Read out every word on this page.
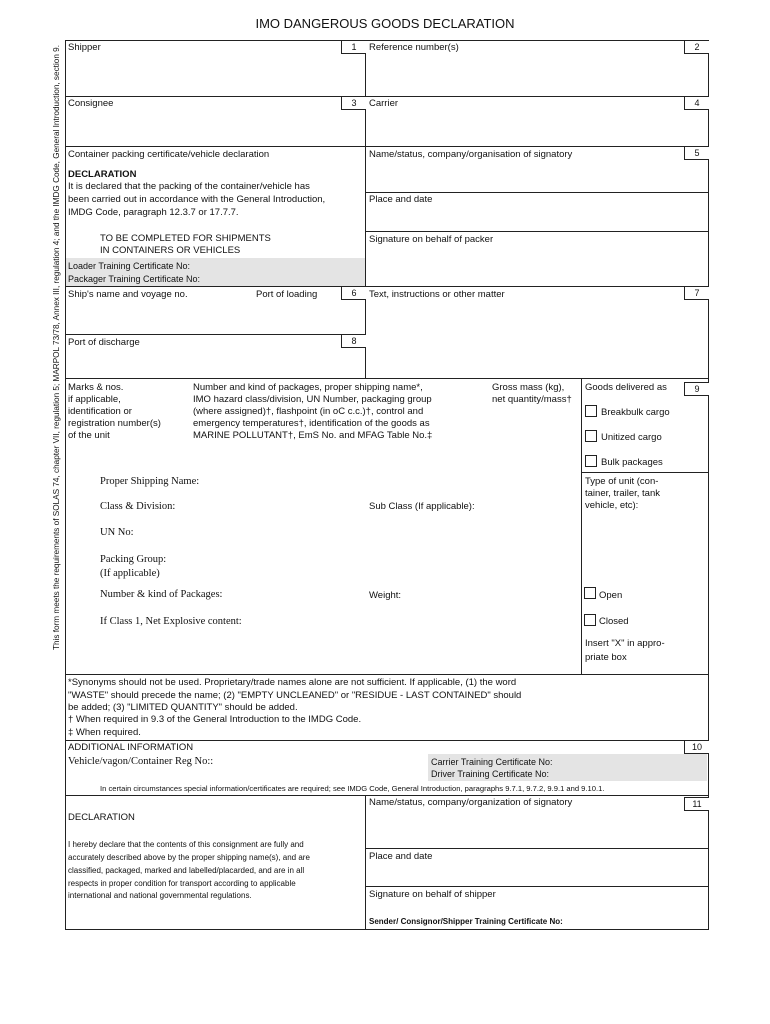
IMO DANGEROUS GOODS DECLARATION
This form meets the requirements of SOLAS 74, chapter VII, regulation 5; MARPOL 73/78, Annex III, regulation 4; and the IMDG Code, General Introduction, section 9. Shipper	1	Reference number(s)	2
Consignee	3	Carrier	4
Container packing certificate/vehicle declaration
DECLARATION
It is declared that the packing of the container/vehicle has
been carried out in accordance with the General Introduction,
IMDG Code, paragraph 12.3.7 or 17.7.7.
TO BE COMPLETED FOR SHIPMENTS
IN CONTAINERS OR VEHICLES
Loader Training Certificate No:
Packager Training Certificate No:
Name/status, company/organisation of signatory	5
Place and date
Signature on behalf of packer
Ship's name and voyage no.	Port of loading	6	Text, instructions or other matter	7
Port of discharge	8
Marks & nos.
if applicable,
identification or
registration number(s)
of the unit
Number and kind of packages, proper shipping name*,
IMO hazard class/division, UN Number, packaging group
(where assigned)†, flashpoint (in oC c.c.)†, control and
emergency temperatures†, identification of the goods as
MARINE POLLUTANT†, EmS No. and MFAG Table No.‡
Gross mass (kg),
net quantity/mass†
Goods delivered as	9
Breakbulk cargo
Unitized cargo
Bulk packages
Type of unit (con-
tainer, trailer, tank
vehicle, etc):
Open
Closed
Insert "X" in appro-
priate box
Proper Shipping Name:
Class & Division:	Sub Class (If applicable):
UN No:
Packing Group:
(If applicable)
Number & kind of Packages:	Weight:
If Class 1, Net Explosive content:
*Synonyms should not be used. Proprietary/trade names alone are not sufficient. If applicable, (1) the word
"WASTE" should precede the name; (2) "EMPTY UNCLEANED" or "RESIDUE - LAST CONTAINED" should
be added; (3) "LIMITED QUANTITY" should be added.
† When required in 9.3 of the General Introduction to the IMDG Code.
‡ When required.
ADDITIONAL INFORMATION	10
Vehicle/vagon/Container Reg No::	Carrier Training Certificate No:
Driver Training Certificate No:
In certain circumstances special information/certificates are required; see IMDG Code, General Introduction, paragraphs 9.7.1, 9.7.2, 9.9.1 and 9.10.1.
DECLARATION
I hereby declare that the contents of this consignment are fully and
accurately described above by the proper shipping name(s), and are
classified, packaged, marked and labelled/placarded, and are in all
respects in proper condition for transport according to applicable
international and national governmental regulations.
Name/status, company/organization of signatory	11
Place and date
Signature on behalf of shipper
Sender/ Consignor/Shipper Training Certificate No:
